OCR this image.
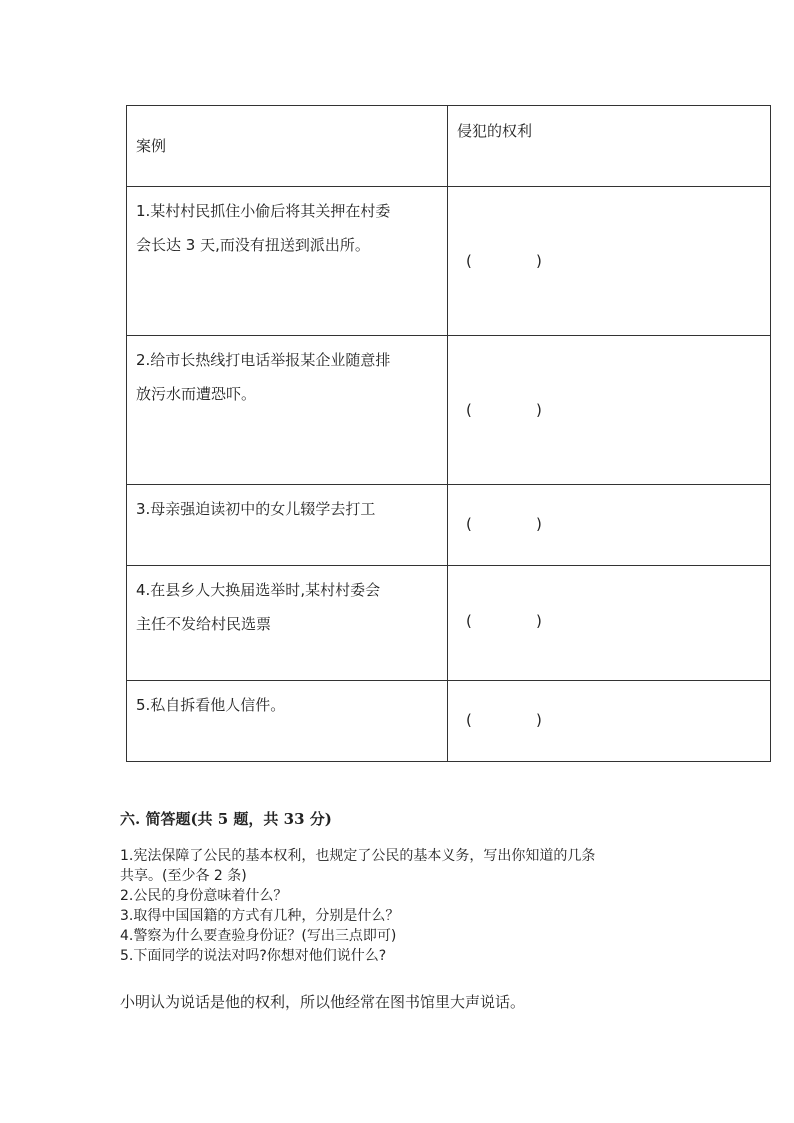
案例	侵犯的权利

1.某村村民抓住小偷后将其关押在村委
会长达 3 天,而没有扭送到派出所。	( )

2.给市长热线打电话举报某企业随意排
放污水而遭恐吓。	( )

3.母亲强迫读初中的女儿辍学去打工	( )

4.在县乡人大换届选举时,某村村委会
主任不发给村民选票	( )

5.私自拆看他人信件。	( )
六. 简答题(共 5 题，共 33 分)
1.宪法保障了公民的基本权利，也规定了公民的基本义务，写出你知道的几条
共享。(至少各 2 条)
2.公民的身份意味着什么？
3.取得中国国籍的方式有几种，分别是什么？
4.警察为什么要查验身份证？(写出三点即可)
5.下面同学的说法对吗?你想对他们说什么?
小明认为说话是他的权利，所以他经常在图书馆里大声说话。
